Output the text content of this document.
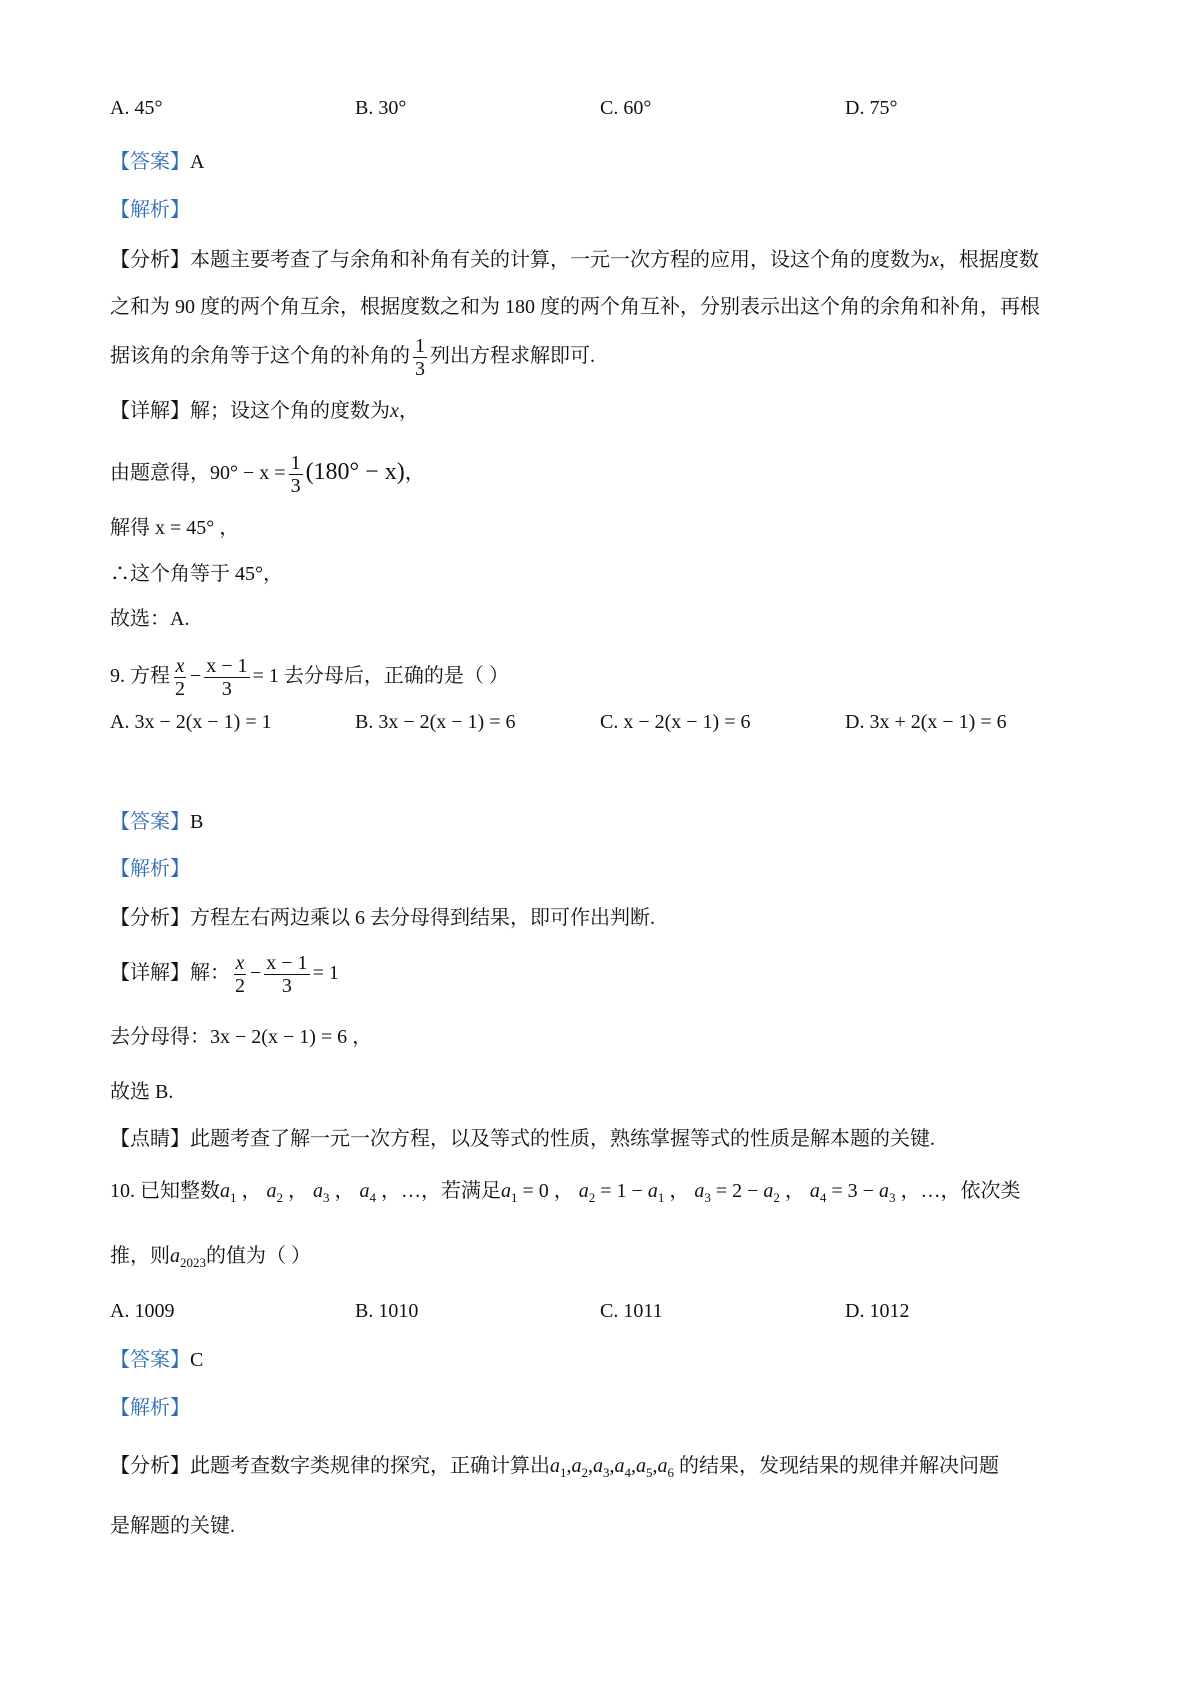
A. 45°	B. 30°	C. 60°	D. 75°
【答案】A
【解析】
【分析】本题主要考查了与余角和补角有关的计算，一元一次方程的应用，设这个角的度数为x，根据度数
之和为 90 度的两个角互余，根据度数之和为 180 度的两个角互补，分别表示出这个角的余角和补角，再根
据该角的余角等于这个角的补角的 $\frac{1}{3}$ 列出方程求解即可.
【详解】解；设这个角的度数为x，
由题意得，$90^\circ - x = \frac{1}{3} (180^\circ - x)$，
解得 x = 45° ，
∴这个角等于 45°，
故选：A.
9. 方程 $\frac{x}{2} - \frac{x - 1}{3} = 1$ 去分母后，正确的是（ ）
A. 3x − 2(x − 1) = 1	B. 3x − 2(x − 1) = 6	C. x − 2(x − 1) = 6	D. 3x + 2(x − 1) = 6
【答案】B
【解析】
【分析】方程左右两边乘以 6 去分母得到结果，即可作出判断.
【详解】解： $\frac{x}{2} - \frac{x - 1}{3} = 1$
去分母得：3x − 2(x − 1) = 6 ，
故选 B.
【点睛】此题考查了解一元一次方程，以及等式的性质，熟练掌握等式的性质是解本题的关键.
10. 已知整数$a_1$ ， $a_2$ ， $a_3$ ， $a_4$ ，…，若满足$a_1 = 0$ ， $a_2 = 1 - a_1$ ， $a_3 = 2 - a_2$ ， $a_4 = 3 - a_3$ ，…，依次类
推，则$a_{2023}$的值为（ ）
A. 1009	B. 1010	C. 1011	D. 1012
【答案】C
【解析】
【分析】此题考查数字类规律的探究，正确计算出$a_1,a_2,a_3,a_4,a_5,a_6$ 的结果，发现结果的规律并解决问题
是解题的关键.
